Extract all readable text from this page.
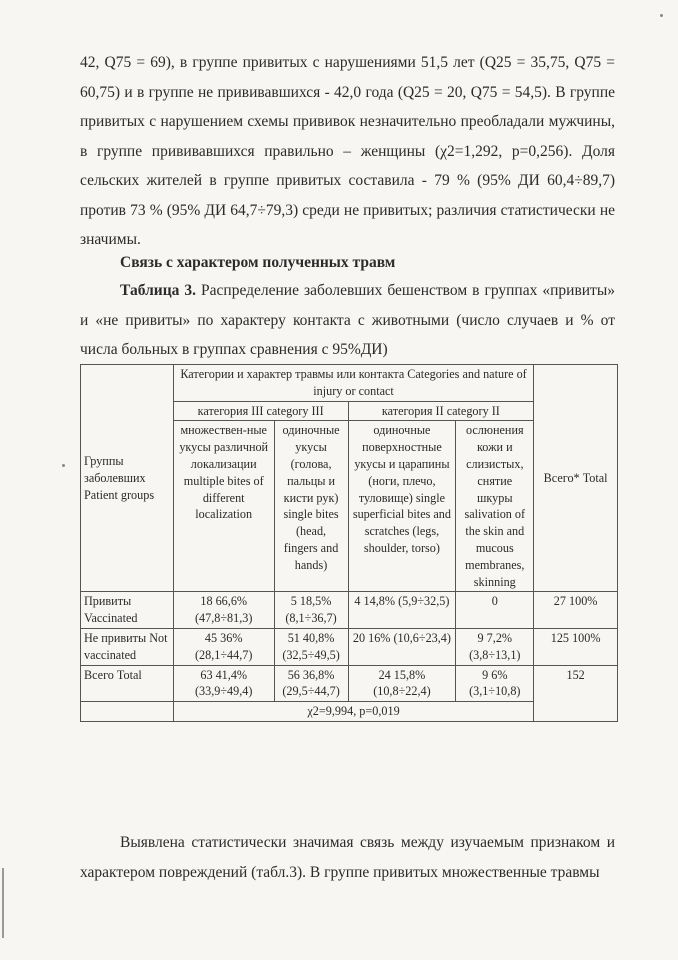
42, Q75 = 69), в группе привитых с нарушениями 51,5 лет (Q25 = 35,75, Q75 = 60,75) и в группе не прививавшихся - 42,0 года (Q25 = 20, Q75 = 54,5). В группе привитых с нарушением схемы прививок незначительно преобладали мужчины, в группе прививавшихся правильно – женщины (χ2=1,292, p=0,256). Доля сельских жителей в группе привитых составила - 79 % (95% ДИ 60,4÷89,7) против 73 % (95% ДИ 64,7÷79,3) среди не привитых; различия статистически не значимы.
Связь с характером полученных травм
Таблица 3. Распределение заболевших бешенством в группах «привиты» и «не привиты» по характеру контакта с животными (число случаев и % от числа больных в группах сравнения с 95%ДИ)
Группы заболевших Patient groups	Категории и характер травмы или контакта Categories and nature of injury or contact				Всего* Total
	категория III category III		категория II category II		
	множествен-ные укусы различной локализации multiple bites of different localization	одиночные укусы (голова, пальцы и кисти рук) single bites (head, fingers and hands)	одиночные поверхностные укусы и царапины (ноги, плечо, туловище) single superficial bites and scratches (legs, shoulder, torso)	ослюнения кожи и слизистых, снятие шкуры salivation of the skin and mucous membranes, skinning	
Привиты Vaccinated	18 66,6% (47,8÷81,3)	5 18,5% (8,1÷36,7)	4 14,8% (5,9÷32,5)	0	27 100%
Не привиты Not vaccinated	45 36% (28,1÷44,7)	51 40,8% (32,5÷49,5)	20 16% (10,6÷23,4)	9 7,2% (3,8÷13,1)	125 100%
Всего Total	63 41,4% (33,9÷49,4)	56 36,8% (29,5÷44,7)	24 15,8% (10,8÷22,4)	9 6% (3,1÷10,8)	152
	χ2=9,994, p=0,019				
Выявлена статистически значимая связь между изучаемым признаком и характером повреждений (табл.3). В группе привитых множественные травмы
